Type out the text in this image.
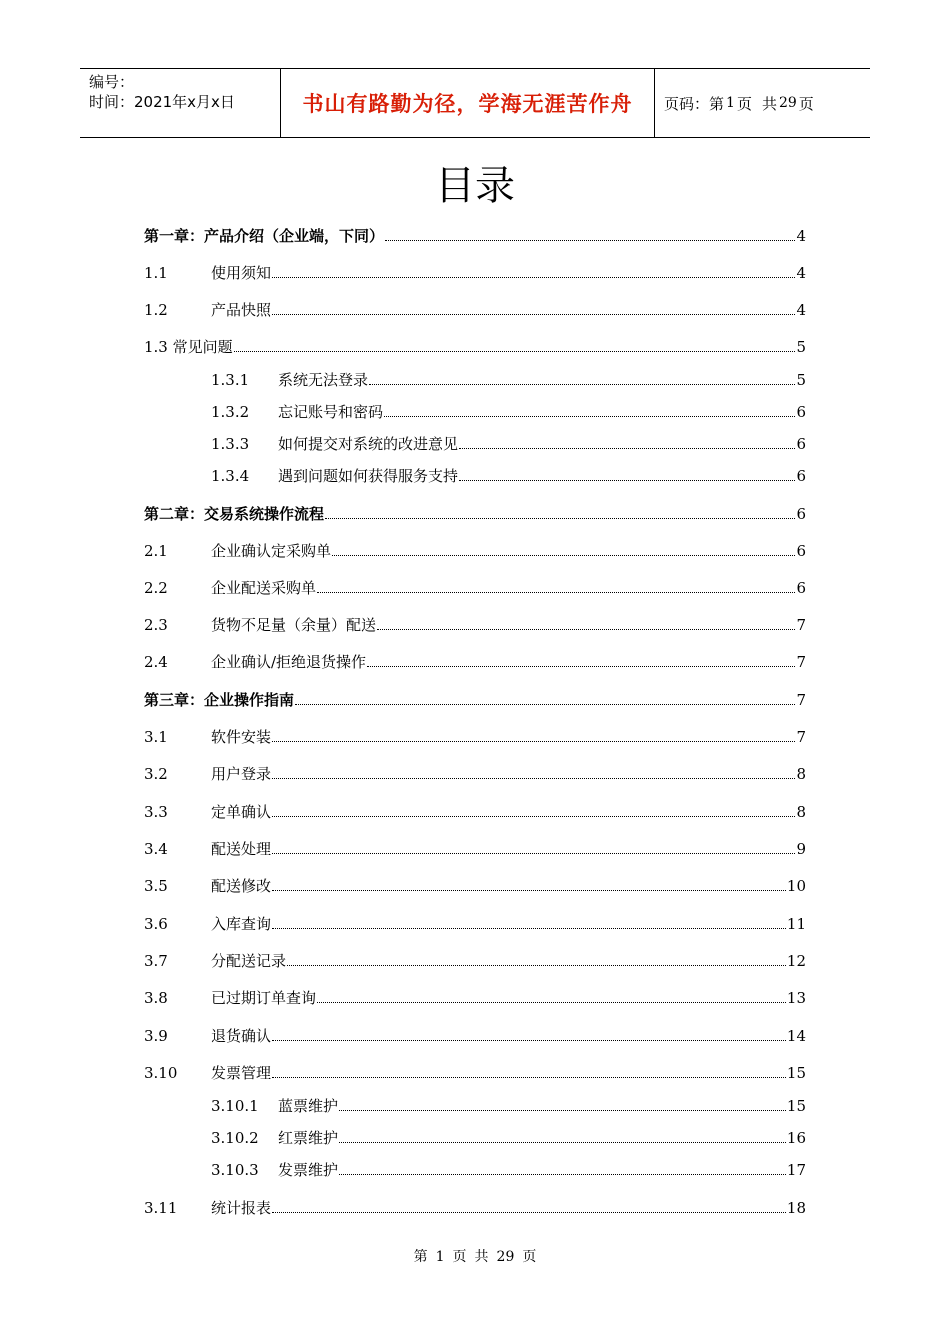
编号：
时间：2021年x月x日	书山有路勤为径，学海无涯苦作舟 页码：第 1 页 共 29 页
目录
第一章：产品介绍（企业端，下同）	4
1.1	使用须知	4
1.2	产品快照	4
1.3 常见问题	5
1.3.1	系统无法登录	5
1.3.2	忘记账号和密码	6
1.3.3	如何提交对系统的改进意见	6
1.3.4	遇到问题如何获得服务支持	6
第二章：交易系统操作流程	6
2.1	企业确认定采购单	6
2.2	企业配送采购单	6
2.3	货物不足量（余量）配送	7
2.4	企业确认/拒绝退货操作	7
第三章：企业操作指南	7
3.1	软件安装	7
3.2	用户登录	8
3.3	定单确认	8
3.4	配送处理	9
3.5	配送修改	10
3.6	入库查询	11
3.7	分配送记录	12
3.8	已过期订单查询	13
3.9	退货确认	14
3.10	发票管理	15
3.10.1	蓝票维护	15
3.10.2	红票维护	16
3.10.3	发票维护	17
3.11	统计报表	18
第 1 页 共 29 页
